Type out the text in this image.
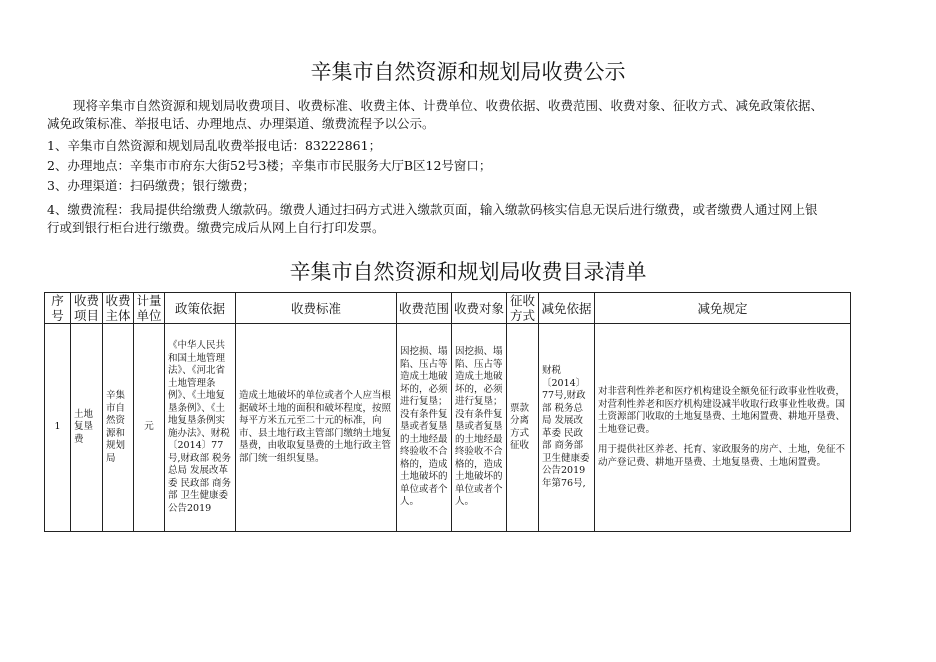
辛集市自然资源和规划局收费公示
现将辛集市自然资源和规划局收费项目、收费标准、收费主体、计费单位、收费依据、收费范围、收费对象、征收方式、减免政策依据、减免政策标准、举报电话、办理地点、办理渠道、缴费流程予以公示。
1、辛集市自然资源和规划局乱收费举报电话：83222861；
2、办理地点：辛集市市府东大街52号3楼；辛集市市民服务大厅B区12号窗口；
3、办理渠道：扫码缴费；银行缴费；
4、缴费流程：我局提供给缴费人缴款码。缴费人通过扫码方式进入缴款页面，输入缴款码核实信息无误后进行缴费，或者缴费人通过网上银行或到银行柜台进行缴费。缴费完成后从网上自行打印发票。
辛集市自然资源和规划局收费目录清单
序号	收费项目	收费主体	计量单位	政策依据	收费标准	收费范围	收费对象	征收方式	减免依据	减免规定
1	土地复垦费	辛集市自然资源和规划局	元	《中华人民共和国土地管理法》、《河北省土地管理条例》、《土地复垦条例》、《土地复垦条例实施办法》、财税〔2014〕77号,财政部 税务总局 发展改革委 民政部 商务部 卫生健康委公告2019	造成土地破坏的单位或者个人应当根据破坏土地的面积和破坏程度，按照每平方米五元至二十元的标准，向市、县土地行政主管部门缴纳土地复垦费，由收取复垦费的土地行政主管部门统一组织复垦。	因挖损、塌陷、压占等造成土地破坏的，必须进行复垦；没有条件复垦或者复垦的土地经最终验收不合格的，造成土地破坏的单位或者个人。	因挖损、塌陷、压占等造成土地破坏的，必须进行复垦；没有条件复垦或者复垦的土地经最终验收不合格的，造成土地破坏的单位或者个人。	票款分离方式征收	财税〔2014〕77号,财政部 税务总局 发展改革委 民政部 商务部 卫生健康委公告2019年第76号,	对非营利性养老和医疗机构建设全额免征行政事业性收费，对营利性养老和医疗机构建设减半收取行政事业性收费。国土资源部门收取的土地复垦费、土地闲置费、耕地开垦费、土地登记费。
用于提供社区养老、托育、家政服务的房产、土地，免征不动产登记费、耕地开垦费、土地复垦费、土地闲置费。
